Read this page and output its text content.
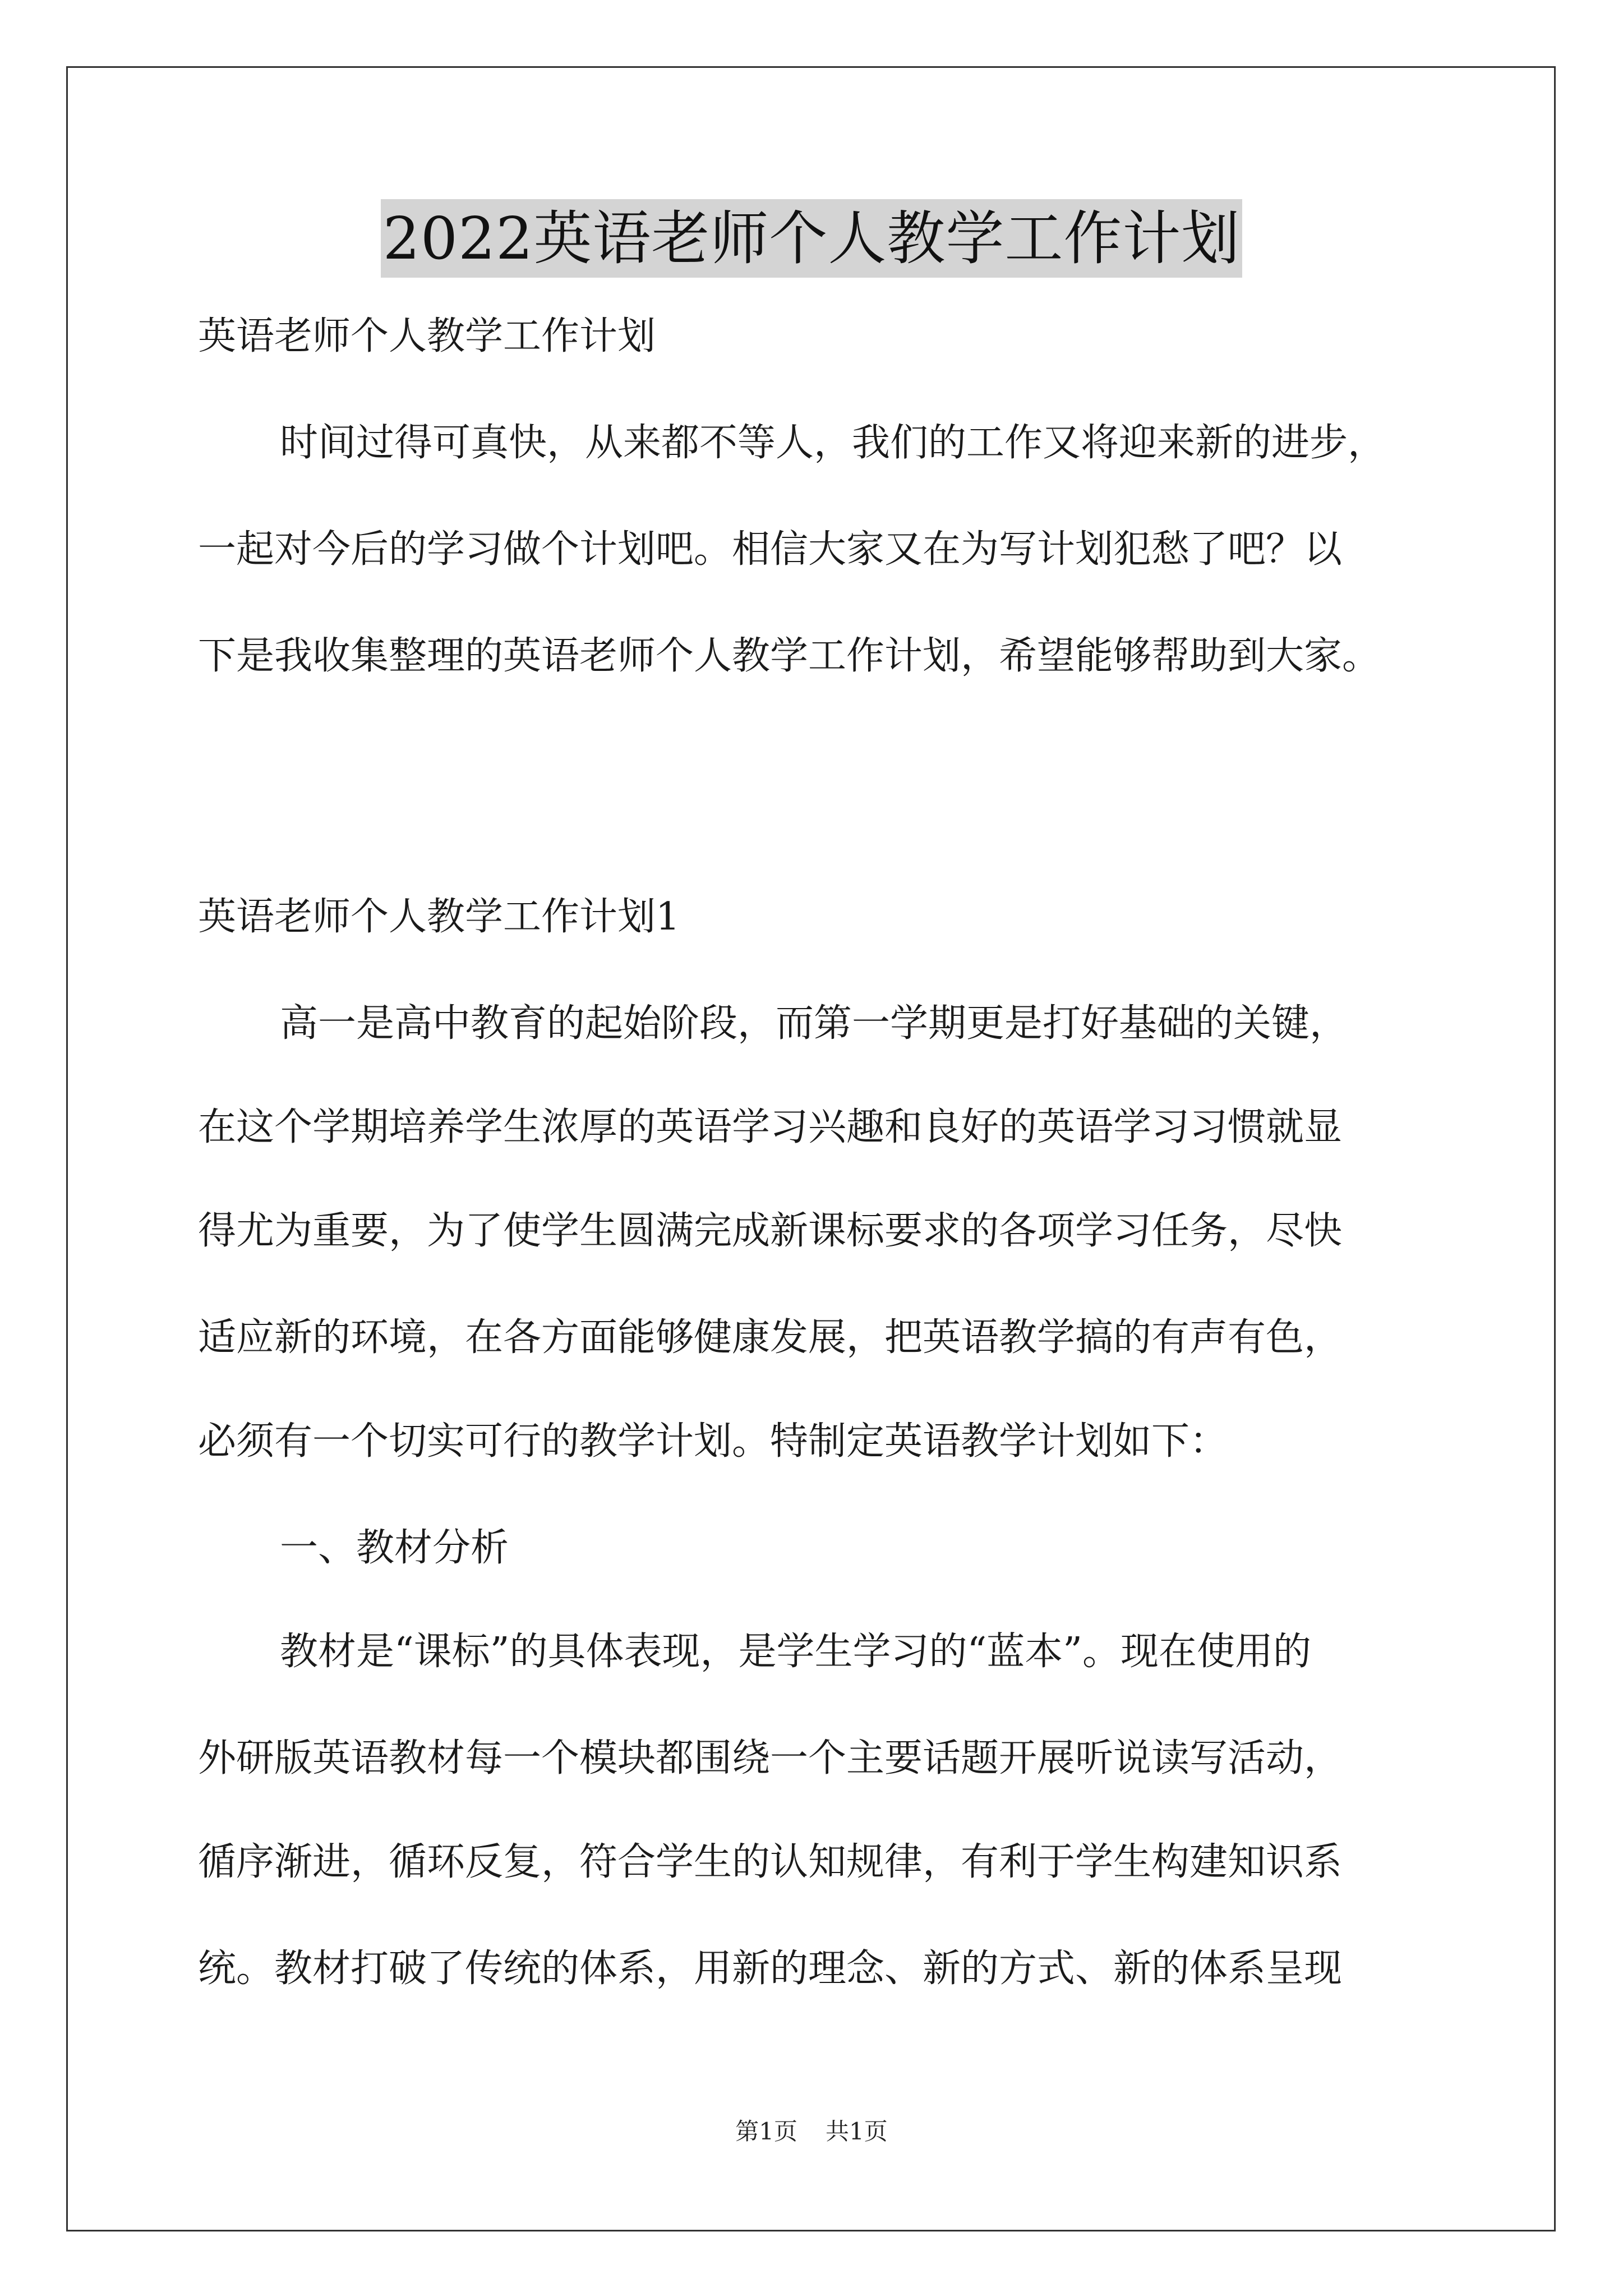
2022英语老师个人教学工作计划
英语老师个人教学工作计划
时间过得可真快，从来都不等人，我们的工作又将迎来新的进步，
一起对今后的学习做个计划吧。相信大家又在为写计划犯愁了吧？以
下是我收集整理的英语老师个人教学工作计划，希望能够帮助到大家。
英语老师个人教学工作计划1
高一是高中教育的起始阶段，而第一学期更是打好基础的关键，
在这个学期培养学生浓厚的英语学习兴趣和良好的英语学习习惯就显
得尤为重要，为了使学生圆满完成新课标要求的各项学习任务，尽快
适应新的环境，在各方面能够健康发展，把英语教学搞的有声有色，
必须有一个切实可行的教学计划。特制定英语教学计划如下：
一、教材分析
教材是“课标”的具体表现，是学生学习的“蓝本”。现在使用的
外研版英语教材每一个模块都围绕一个主要话题开展听说读写活动，
循序渐进，循环反复，符合学生的认知规律，有利于学生构建知识系
统。教材打破了传统的体系，用新的理念、新的方式、新的体系呈现
第1页 共1页
